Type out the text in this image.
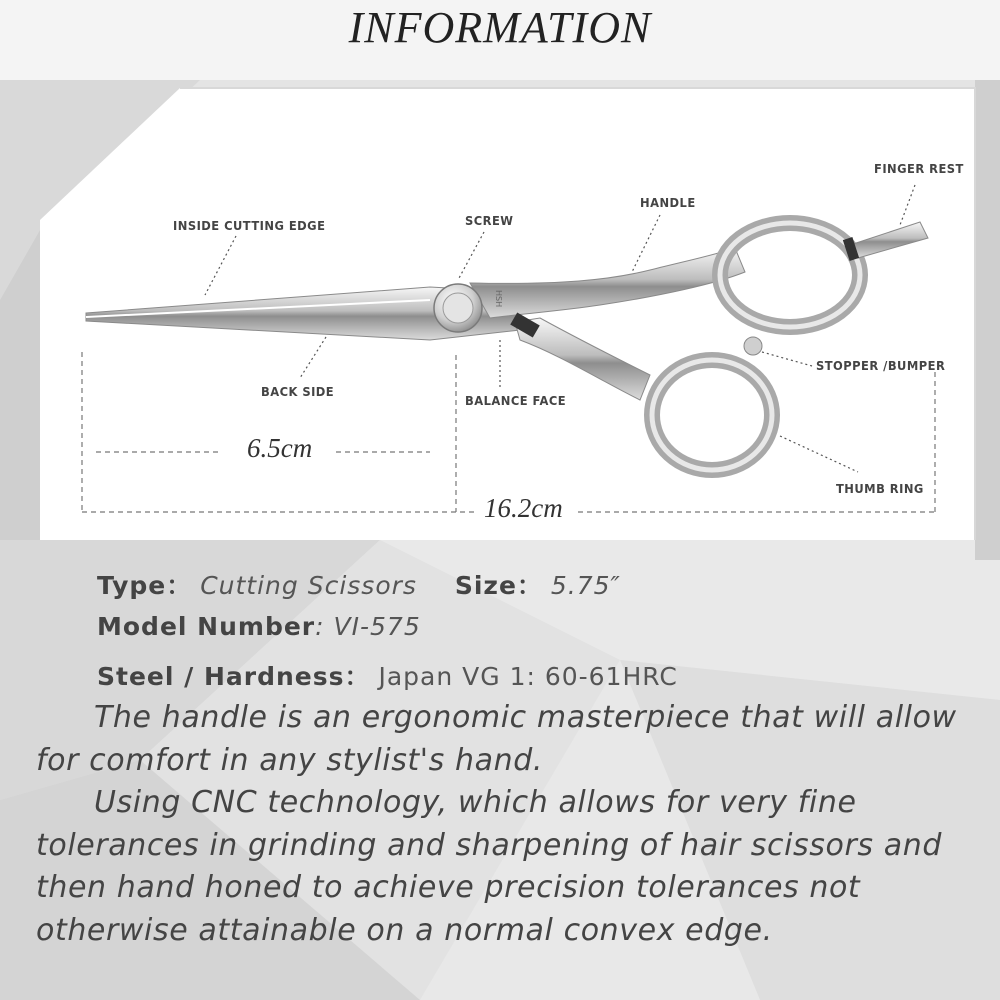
INFORMATION
HSH
FINGER REST
HANDLE
SCREW
INSIDE CUTTING EDGE
BACK SIDE
BALANCE FACE
STOPPER /BUMPER
THUMB RING
6.5cm
16.2cm
Type： Cutting Scissors Size： 5.75″
Model Number: VI-575
Steel / Hardness： Japan VG 1: 60-61HRC

The handle is an ergonomic masterpiece that will allow for comfort in any stylist's hand.

Using CNC technology, which allows for very fine tolerances in grinding and sharpening of hair scissors and then hand honed to achieve precision tolerances not otherwise attainable on a normal convex edge.
